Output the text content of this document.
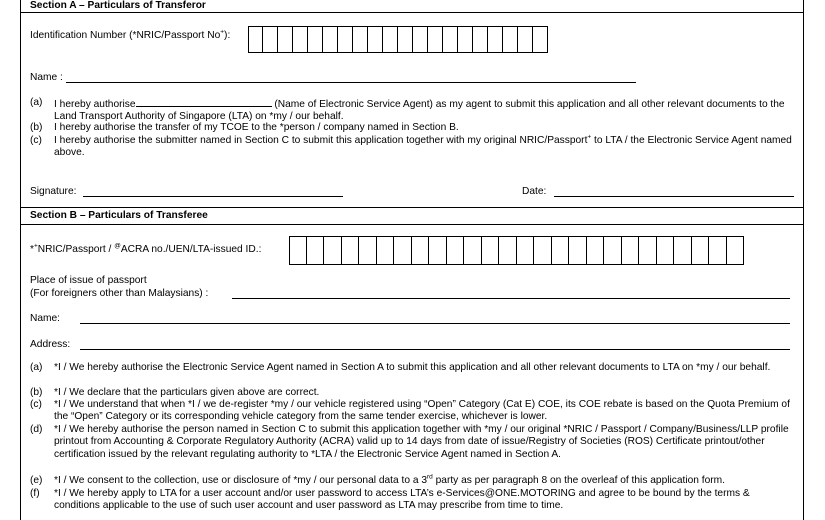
Section A – Particulars of Transferor
Identification Number (*NRIC/Passport No+):
Name :
(a)	I hereby authorise	(Name of Electronic Service Agent) as my agent to submit this application and all other relevant documents to the Land Transport Authority of Singapore (LTA) on *my / our behalf.
(b)	I hereby authorise the transfer of my TCOE to the *person / company named in Section B.
(c)	I hereby authorise the submitter named in Section C to submit this application together with my original NRIC/Passport+ to LTA / the Electronic Service Agent named above.
Signature:	Date:
Section B – Particulars of Transferee
*+NRIC/Passport / @ACRA no./UEN/LTA-issued ID.:
Place of issue of passport
(For foreigners other than Malaysians) :
Name:
Address:
(a)	*I / We hereby authorise the Electronic Service Agent named in Section A to submit this application and all other relevant documents to LTA on *my / our behalf.
(b)	*I / We declare that the particulars given above are correct.
(c)	*I / We understand that when *I / we de-register *my / our vehicle registered using “Open” Category (Cat E) COE, its COE rebate is based on the Quota Premium of the “Open” Category or its corresponding vehicle category from the same tender exercise, whichever is lower.
(d)	*I / We hereby authorise the person named in Section C to submit this application together with *my / our original *NRIC / Passport / Company/Business/LLP profile printout from Accounting & Corporate Regulatory Authority (ACRA) valid up to 14 days from date of issue/Registry of Societies (ROS) Certificate printout/other certification issued by the relevant regulating authority to *LTA / the Electronic Service Agent named in Section A.
(e)	*I / We consent to the collection, use or disclosure of *my / our personal data to a 3rd party as per paragraph 8 on the overleaf of this application form.
(f)	*I / We hereby apply to LTA for a user account and/or user password to access LTA’s e-Services@ONE.MOTORING and agree to be bound by the terms & conditions applicable to the use of such user account and user password as LTA may prescribe from time to time.
